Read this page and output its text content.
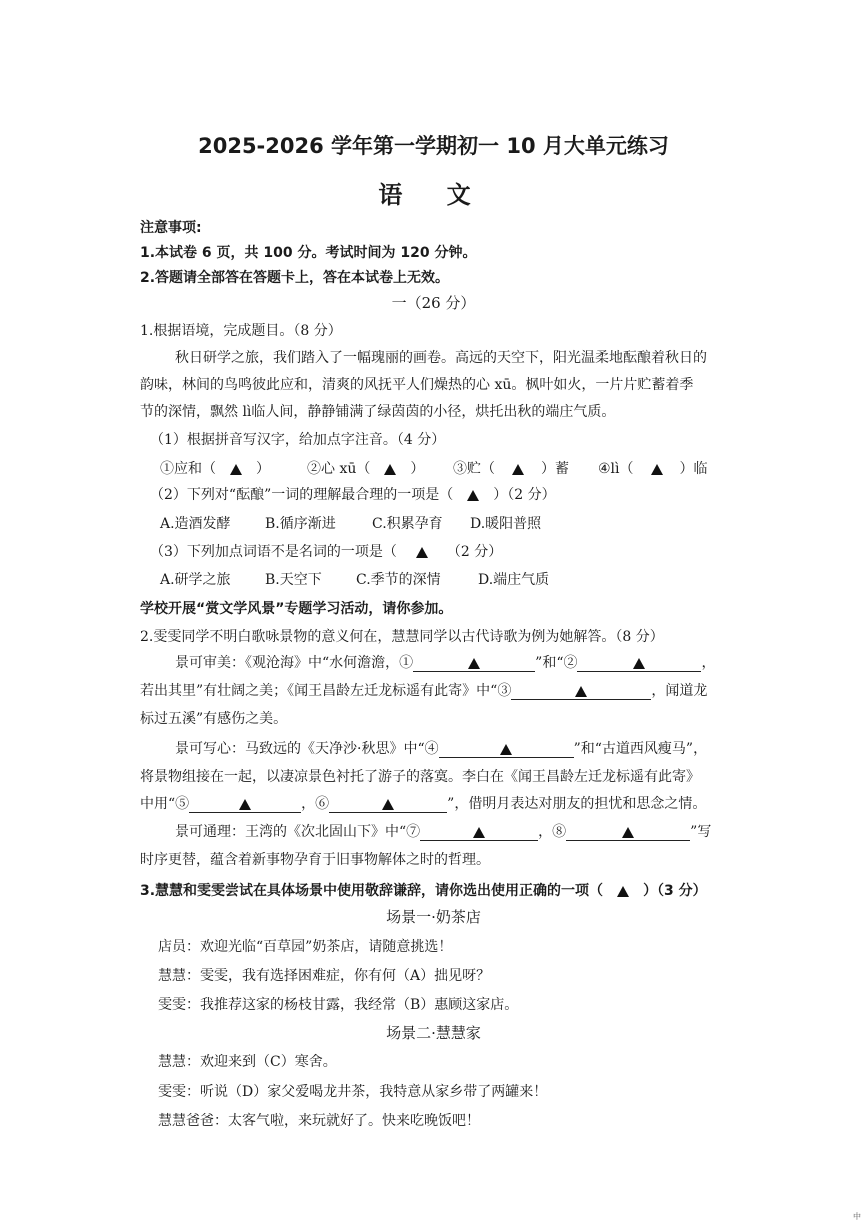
2025-2026 学年第一学期初一 10 月大单元练习
语 文
注意事项:
1.本试卷 6 页，共 100 分。考试时间为 120 分钟。
2.答题请全部答在答题卡上，答在本试卷上无效。
一（26 分）
1.根据语境，完成题目。（8 分）
秋日研学之旅，我们踏入了一幅瑰丽的画卷。高远的天空下，阳光温柔地酝酿着秋日的
韵味，林间的鸟鸣彼此应和，清爽的风抚平人们燥热的心 xū。枫叶如火，一片片贮蓄着季
节的深情，飘然 lì临人间，静静铺满了绿茵茵的小径，烘托出秋的端庄气质。
（1）根据拼音写汉字，给加点字注音。（4 分）
①应和（	）	②心 xū（	） ③贮（	）蓄 ④lì（	）临
（2）下列对“酝酿”一词的理解最合理的一项是（	）（2 分）
A.造酒发酵 B.循序渐进	C.积累孕育 D.暖阳普照
（3）下列加点词语不是名词的一项是（	（2 分）
A.研学之旅 B.天空下 C.季节的深情	D.端庄气质
学校开展“赏文学风景”专题学习活动，请你参加。
2.雯雯同学不明白歌咏景物的意义何在，慧慧同学以古代诗歌为例为她解答。（8 分）
景可审美：《观沧海》中“水何澹澹，①	”和“②	，
若出其里”有壮阔之美；《闻王昌龄左迁龙标遥有此寄》中“③	，闻道龙
标过五溪”有感伤之美。
景可写心：马致远的《天净沙·秋思》中“④	”和“古道西风瘦马”，
将景物组接在一起，以凄凉景色衬托了游子的落寞。李白在《闻王昌龄左迁龙标遥有此寄》
中用“⑤	，⑥	”，借明月表达对朋友的担忧和思念之情。
景可通理：王湾的《次北固山下》中“⑦	，⑧	”写
时序更替，蕴含着新事物孕育于旧事物解体之时的哲理。
3.慧慧和雯雯尝试在具体场景中使用敬辞谦辞，请你选出使用正确的一项（	）（3 分）
场景一·奶茶店
店员：欢迎光临“百草园”奶茶店，请随意挑选！
慧慧：雯雯，我有选择困难症，你有何（A）拙见呀？
雯雯：我推荐这家的杨枝甘露，我经常（B）惠顾这家店。
场景二·慧慧家
慧慧：欢迎来到（C）寒舍。
雯雯：听说（D）家父爱喝龙井茶，我特意从家乡带了两罐来！
慧慧爸爸：太客气啦，来玩就好了。快来吃晚饭吧！
中
